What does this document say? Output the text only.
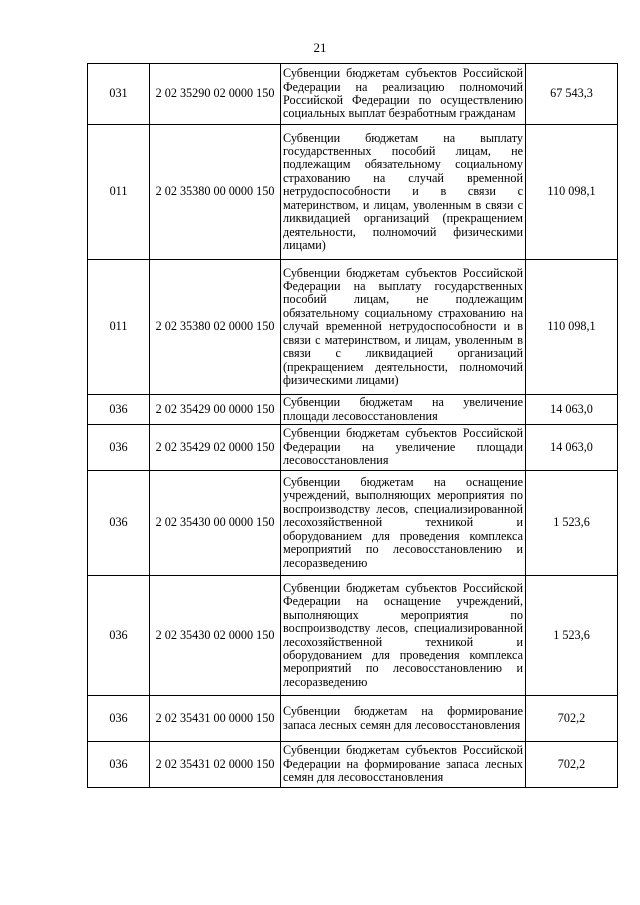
21
031	2 02 35290 02 0000 150	Субвенции бюджетам субъектов Российской Федерации на реализацию полномочий Российской Федерации по осуществлению социальных выплат безработным гражданам	67 543,3
011	2 02 35380 00 0000 150	Субвенции бюджетам на выплату государственных пособий лицам, не подлежащим обязательному социальному страхованию на случай временной нетрудоспособности и в связи с материнством, и лицам, уволенным в связи с ликвидацией организаций (прекращением деятельности, полномочий физическими лицами)	110 098,1
011	2 02 35380 02 0000 150	Субвенции бюджетам субъектов Российской Федерации на выплату государственных пособий лицам, не подлежащим обязательному социальному страхованию на случай временной нетрудоспособности и в связи с материнством, и лицам, уволенным в связи с ликвидацией организаций (прекращением деятельности, полномочий физическими лицами)	110 098,1
036	2 02 35429 00 0000 150	Субвенции бюджетам на увеличение площади лесовосстановления	14 063,0
036	2 02 35429 02 0000 150	Субвенции бюджетам субъектов Российской Федерации на увеличение площади лесовосстановления	14 063,0
036	2 02 35430 00 0000 150	Субвенции бюджетам на оснащение учреждений, выполняющих мероприятия по воспроизводству лесов, специализированной лесохозяйственной техникой и оборудованием для проведения комплекса мероприятий по лесовосстановлению и лесоразведению	1 523,6
036	2 02 35430 02 0000 150	Субвенции бюджетам субъектов Российской Федерации на оснащение учреждений, выполняющих мероприятия по воспроизводству лесов, специализированной лесохозяйственной техникой и оборудованием для проведения комплекса мероприятий по лесовосстановлению и лесоразведению	1 523,6
036	2 02 35431 00 0000 150	Субвенции бюджетам на формирование запаса лесных семян для лесовосстановления	702,2
036	2 02 35431 02 0000 150	Субвенции бюджетам субъектов Российской Федерации на формирование запаса лесных семян для лесовосстановления	702,2
